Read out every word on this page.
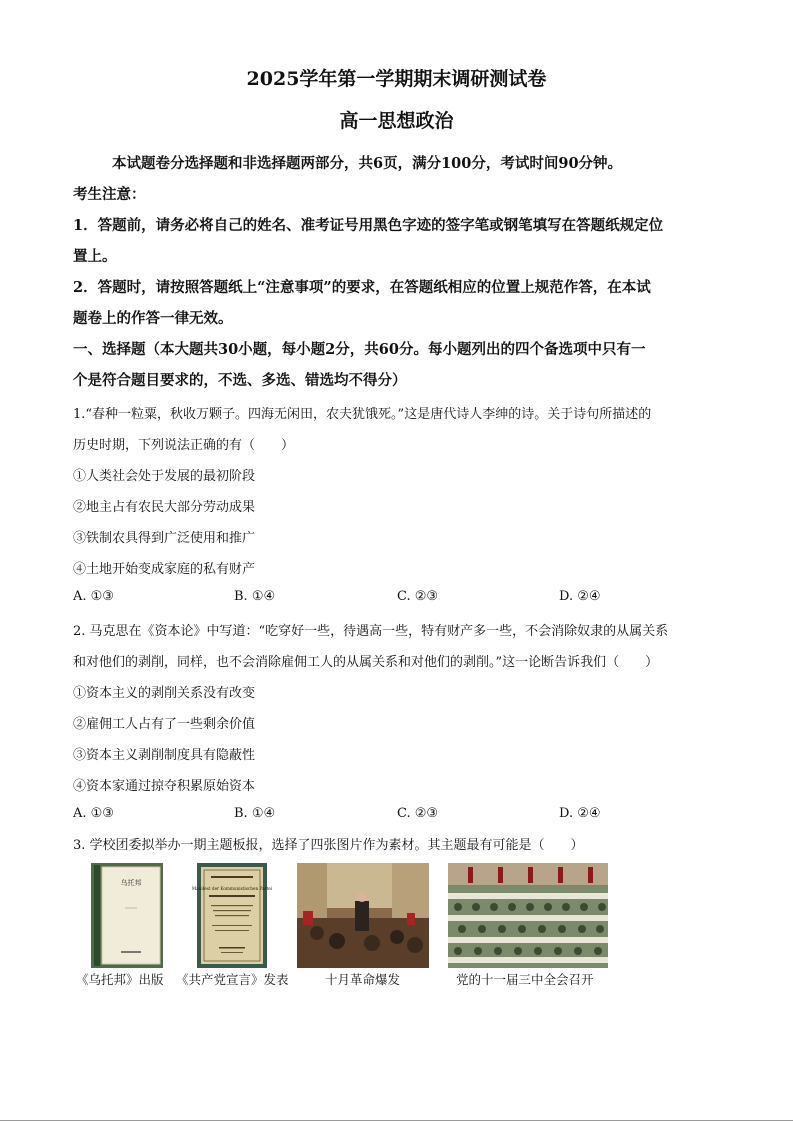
2025学年第一学期期末调研测试卷
高一思想政治
本试题卷分选择题和非选择题两部分，共6页，满分100分，考试时间90分钟。
考生注意：
1．答题前，请务必将自己的姓名、准考证号用黑色字迹的签字笔或钢笔填写在答题纸规定位
置上。
2．答题时，请按照答题纸上“注意事项”的要求，在答题纸相应的位置上规范作答，在本试
题卷上的作答一律无效。
一、选择题（本大题共30小题，每小题2分，共60分。每小题列出的四个备选项中只有一
个是符合题目要求的，不选、多选、错选均不得分）
1.“春种一粒粟，秋收万颗子。四海无闲田，农夫犹饿死。”这是唐代诗人李绅的诗。关于诗句所描述的
历史时期，下列说法正确的有（　　）
①人类社会处于发展的最初阶段
②地主占有农民大部分劳动成果
③铁制农具得到广泛使用和推广
④土地开始变成家庭的私有财产
A. ①③	B. ①④	C. ②③	D. ②④
2. 马克思在《资本论》中写道：“吃穿好一些，待遇高一些，特有财产多一些，不会消除奴隶的从属关系
和对他们的剥削，同样，也不会消除雇佣工人的从属关系和对他们的剥削。”这一论断告诉我们（　　）
①资本主义的剥削关系没有改变
②雇佣工人占有了一些剩余价值
③资本主义剥削制度具有隐蔽性
④资本家通过掠夺积累原始资本
A. ①③	B. ①④	C. ②③	D. ②④
3. 学校团委拟举办一期主题板报，选择了四张图片作为素材。其主题最有可能是（　　）
乌托邦
Manifest der Kommunistischen Partei
《乌托邦》出版 《共产党宣言》发表	十月革命爆发	党的十一届三中全会召开
